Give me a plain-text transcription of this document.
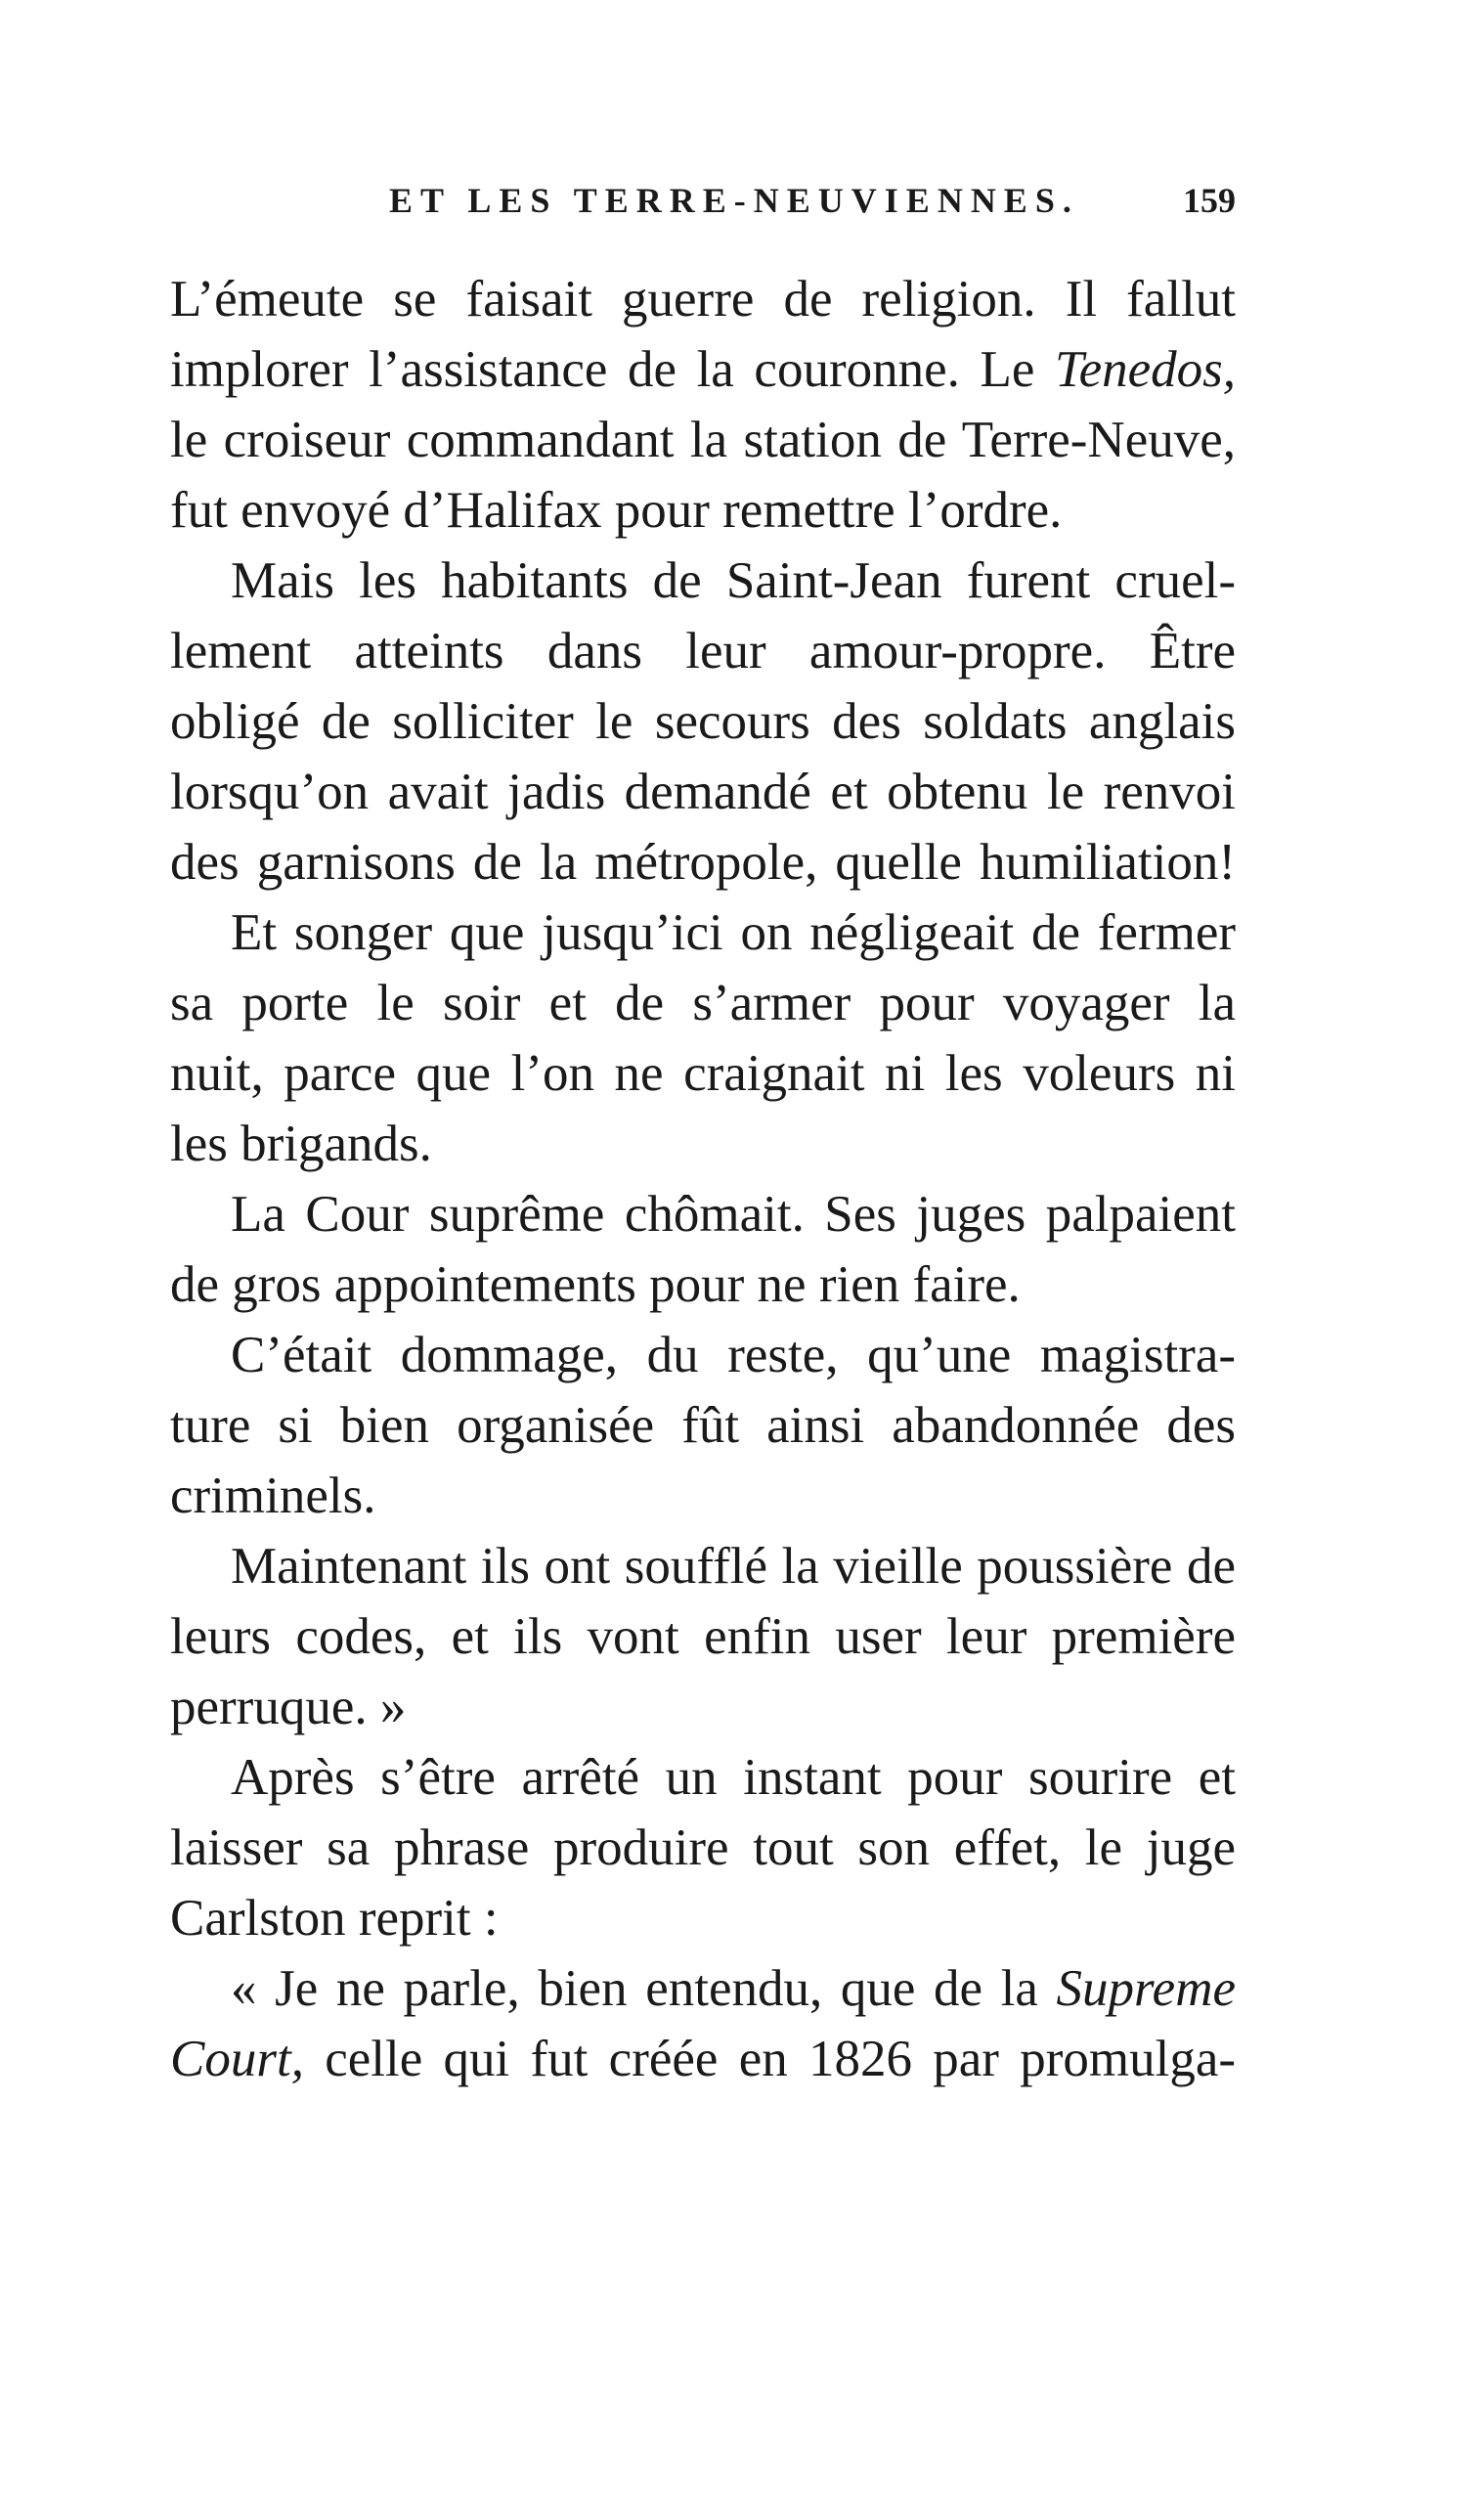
ET LES TERRE-NEUVIENNES.	159
L’émeute se faisait guerre de religion. Il fallut
implorer l’assistance de la couronne. Le Tenedos,
le croiseur commandant la station de Terre-Neuve,
fut envoyé d’Halifax pour remettre l’ordre.
Mais les habitants de Saint-Jean furent cruel-
lement atteints dans leur amour-propre. Être
obligé de solliciter le secours des soldats anglais
lorsqu’on avait jadis demandé et obtenu le renvoi
des garnisons de la métropole, quelle humiliation!
Et songer que jusqu’ici on négligeait de fermer
sa porte le soir et de s’armer pour voyager la
nuit, parce que l’on ne craignait ni les voleurs ni
les brigands.
La Cour suprême chômait. Ses juges palpaient
de gros appointements pour ne rien faire.
C’était dommage, du reste, qu’une magistra-
ture si bien organisée fût ainsi abandonnée des
criminels.
Maintenant ils ont soufflé la vieille poussière de
leurs codes, et ils vont enfin user leur première
perruque. »
Après s’être arrêté un instant pour sourire et
laisser sa phrase produire tout son effet, le juge
Carlston reprit :
« Je ne parle, bien entendu, que de la Supreme
Court, celle qui fut créée en 1826 par promulga-
